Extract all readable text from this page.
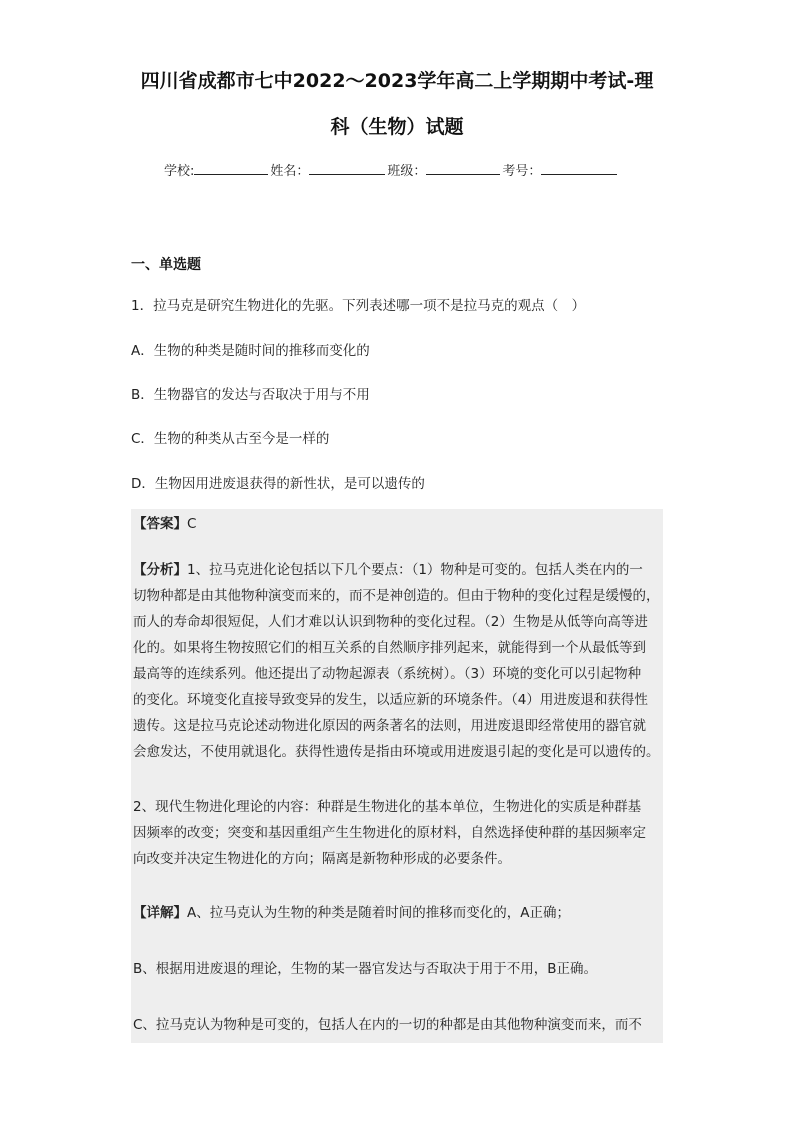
四川省成都市七中2022～2023学年高二上学期期中考试-理
科（生物）试题
学校:	姓名：	班级：	考号：
一、单选题
1．拉马克是研究生物进化的先驱。下列表述哪一项不是拉马克的观点（　）
A．生物的种类是随时间的推移而变化的
B．生物器官的发达与否取决于用与不用
C．生物的种类从古至今是一样的
D．生物因用进废退获得的新性状，是可以遗传的
【答案】C
【分析】1、拉马克进化论包括以下几个要点：（1）物种是可变的。包括人类在内的一
切物种都是由其他物种演变而来的，而不是神创造的。但由于物种的变化过程是缓慢的，
而人的寿命却很短促，人们才难以认识到物种的变化过程。（2）生物是从低等向高等进
化的。如果将生物按照它们的相互关系的自然顺序排列起来，就能得到一个从最低等到
最高等的连续系列。他还提出了动物起源表（系统树）。（3）环境的变化可以引起物种
的变化。环境变化直接导致变异的发生，以适应新的环境条件。（4）用进废退和获得性
遗传。这是拉马克论述动物进化原因的两条著名的法则，用进废退即经常使用的器官就
会愈发达，不使用就退化。获得性遗传是指由环境或用进废退引起的变化是可以遗传的。
2、现代生物进化理论的内容：种群是生物进化的基本单位，生物进化的实质是种群基
因频率的改变；突变和基因重组产生生物进化的原材料，自然选择使种群的基因频率定
向改变并决定生物进化的方向；隔离是新物种形成的必要条件。
【详解】A、拉马克认为生物的种类是随着时间的推移而变化的，A正确；
B、根据用进废退的理论，生物的某一器官发达与否取决于用于不用，B正确。
C、拉马克认为物种是可变的，包括人在内的一切的种都是由其他物种演变而来，而不
